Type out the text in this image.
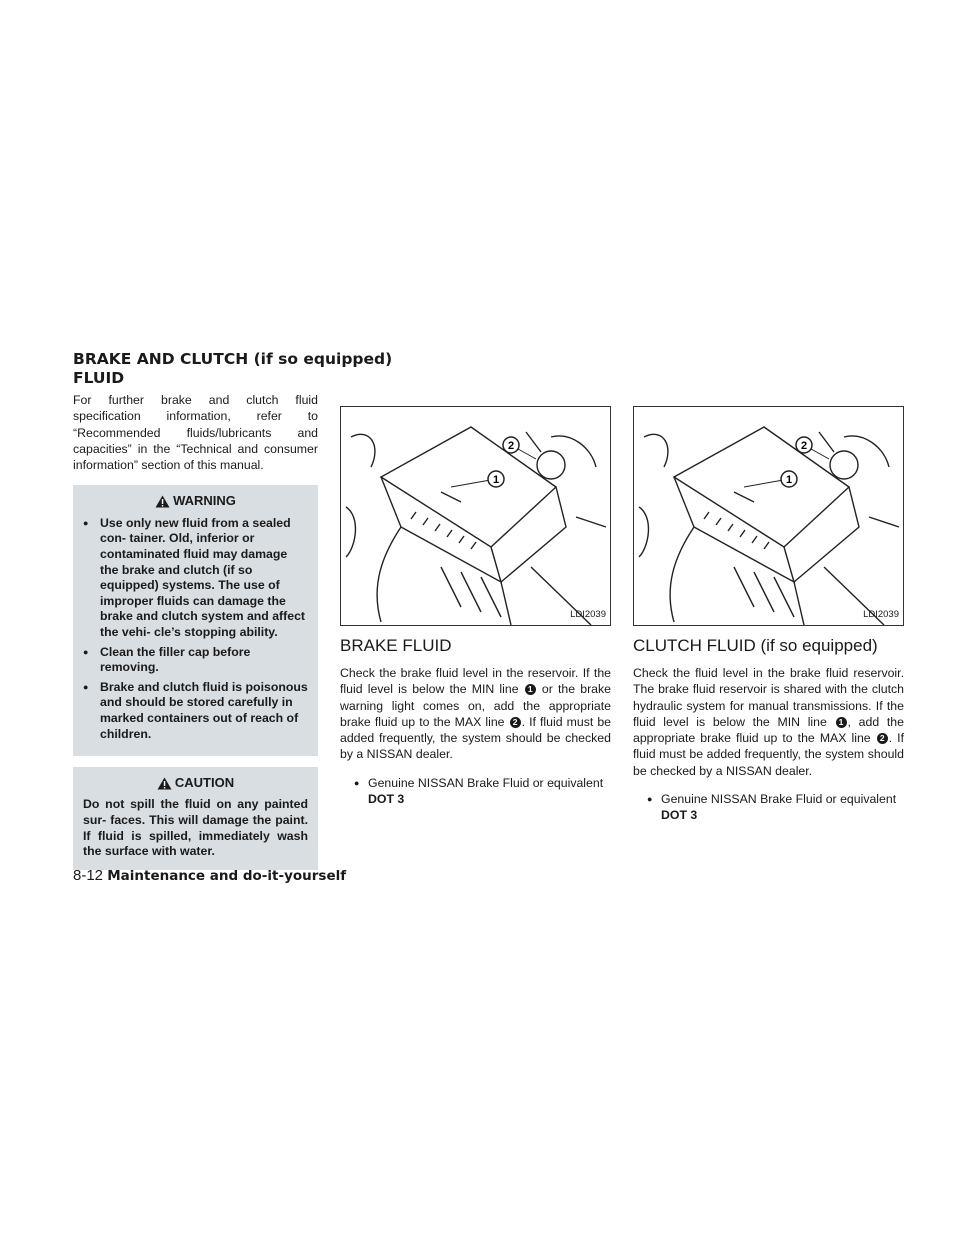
BRAKE AND CLUTCH (if so equipped)
FLUID

For further brake and clutch fluid specification information, refer to “Recommended fluids/lubricants and capacities” in the “Technical and consumer information” section of this manual.

WARNING
● Use only new fluid from a sealed con- tainer. Old, inferior or contaminated fluid may damage the brake and clutch (if so equipped) systems. The use of improper fluids can damage the brake and clutch system and affect the vehi- cle’s stopping ability.
● Clean the filler cap before removing.
● Brake and clutch fluid is poisonous and should be stored carefully in marked containers out of reach of children.
CAUTION

Do not spill the fluid on any painted sur- faces. This will damage the paint. If fluid is spilled, immediately wash the surface with water.

2
1
LDI2039
BRAKE FLUID

Check the brake fluid level in the reservoir. If the fluid level is below the MIN line 1 or the brake warning light comes on, add the appropriate brake fluid up to the MAX line 2 . If fluid must be added frequently, the system should be checked by a NISSAN dealer.

● Genuine NISSAN Brake Fluid or equivalent
DOT 3
2
1
LDI2039
CLUTCH FLUID (if so equipped)

Check the fluid level in the brake fluid reservoir. The brake fluid reservoir is shared with the clutch hydraulic system for manual transmissions. If the fluid level is below the MIN line 1 , add the appropriate brake fluid up to the MAX line 2 . If fluid must be added frequently, the system should be checked by a NISSAN dealer.

● Genuine NISSAN Brake Fluid or equivalent
DOT 3
8-12 Maintenance and do-it-yourself
